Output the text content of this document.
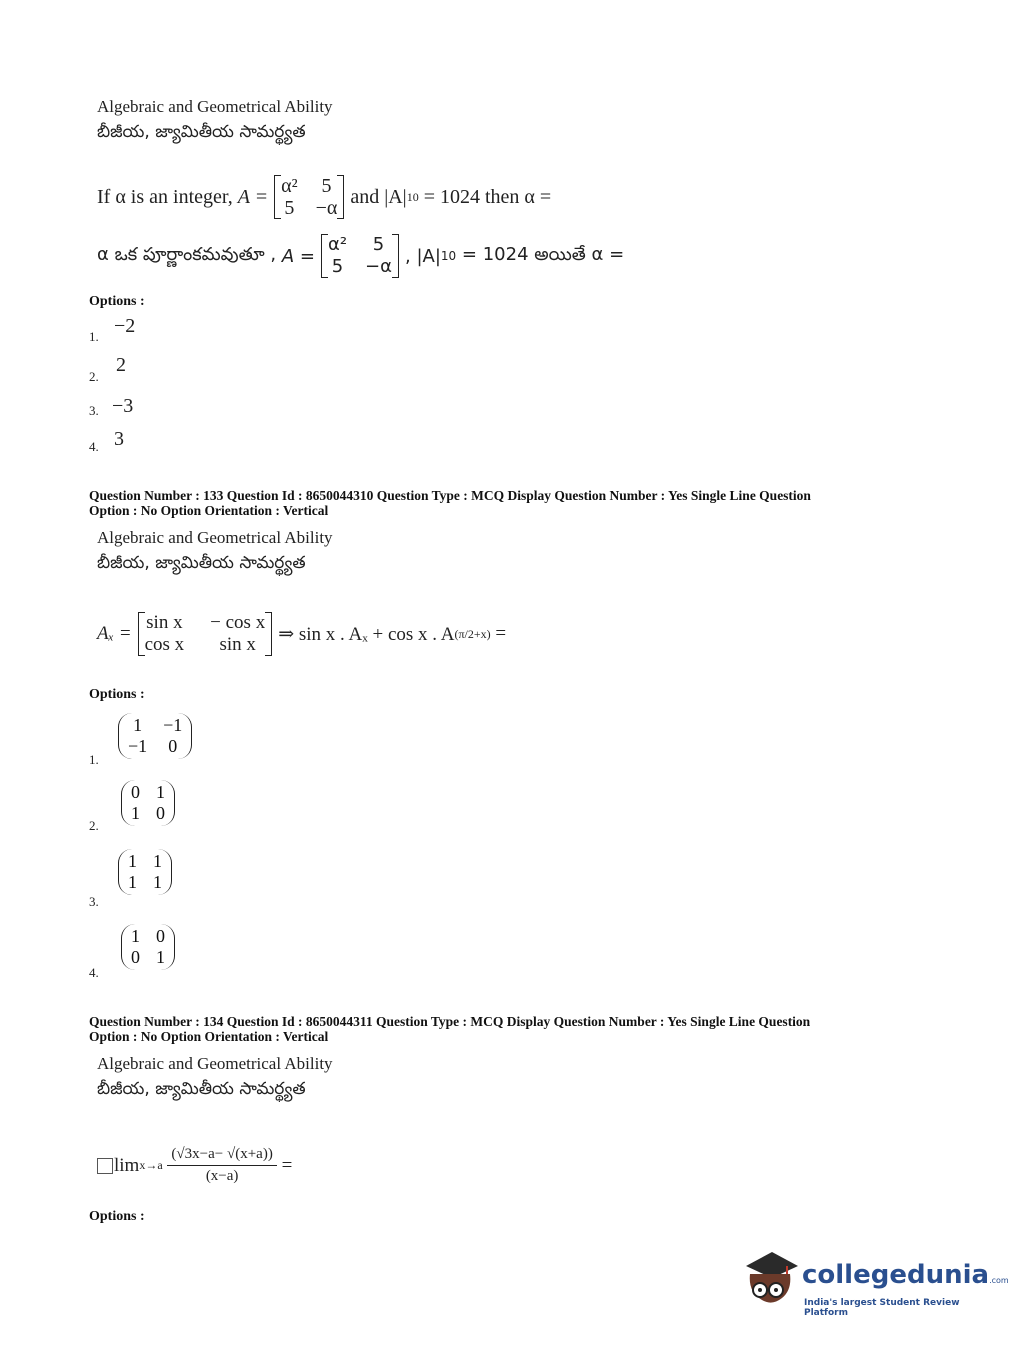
Algebraic and Geometrical Ability
బీజీయ, జ్యామితీయ సామర్థ్యత
If α is an integer,
A = α² 5
5 −α
and |A| 10
= 1024 then α =
α ఒక పూర్ణాంకమవుతూ ,
A =
α²	5
5 −α , |A| 10
= 1024 అయితే α =
Options :
1. −2
2.
2
3. −3
4. 3
Question Number : 133 Question Id : 8650044310 Question Type : MCQ Display Question Number : Yes Single Line Question
Option : No Option Orientation : Vertical
Algebraic and Geometrical Ability
బీజీయ, జ్యామితీయ సామర్థ్యత
Aₓ =
sin x − cos x
cos x	sin x	⇒ sin x . Aₓ + cos x . A (π/2+x)
=
Options :
1.
1 −1
−1 0
2.
0 1
1 0
3.
1 1
1 1
4.
1 0
0 1
Question Number : 134 Question Id : 8650044311 Question Type : MCQ Display Question Number : Yes Single Line Question
Option : No Option Orientation : Vertical
Algebraic and Geometrical Ability
బీజీయ, జ్యామితీయ సామర్థ్యత
lim x→a
$\frac{(√3x-a- √(x+a))}{(x-a)}$
=
Options :
collegedunia.com
India's largest Student Review Platform
